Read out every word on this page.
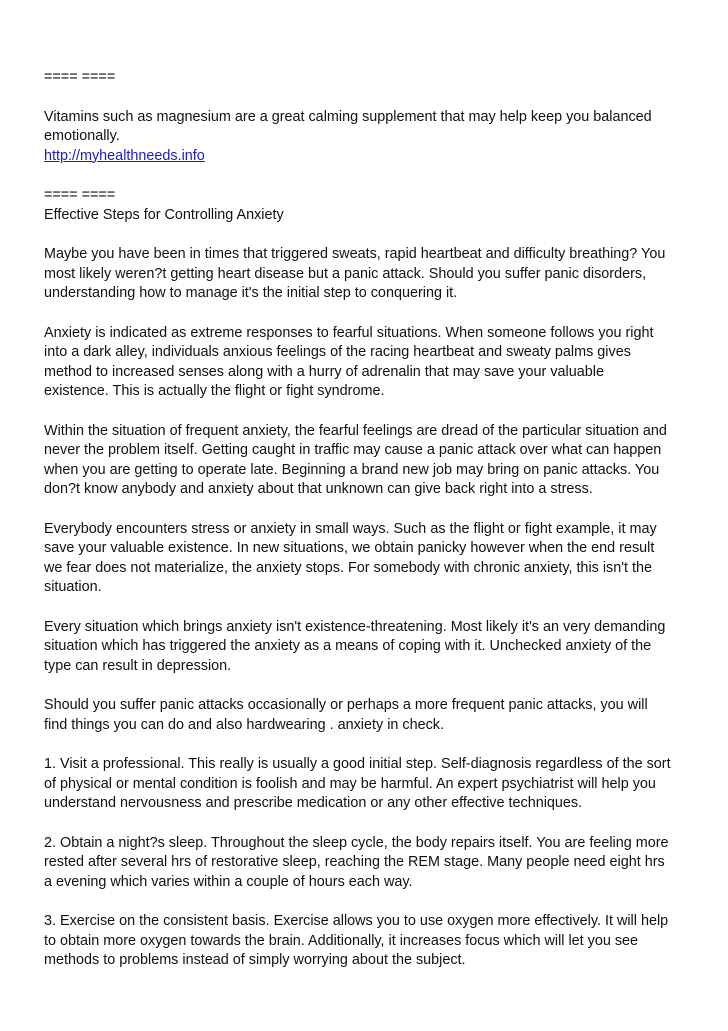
==== ====
Vitamins such as magnesium are a great calming supplement that may help keep you balanced
emotionally.
http://myhealthneeds.info
==== ====
Effective Steps for Controlling Anxiety
Maybe you have been in times that triggered sweats, rapid heartbeat and difficulty breathing? You
most likely weren?t getting heart disease but a panic attack. Should you suffer panic disorders,
understanding how to manage it's the initial step to conquering it.
Anxiety is indicated as extreme responses to fearful situations. When someone follows you right
into a dark alley, individuals anxious feelings of the racing heartbeat and sweaty palms gives
method to increased senses along with a hurry of adrenalin that may save your valuable
existence. This is actually the flight or fight syndrome.
Within the situation of frequent anxiety, the fearful feelings are dread of the particular situation and
never the problem itself. Getting caught in traffic may cause a panic attack over what can happen
when you are getting to operate late. Beginning a brand new job may bring on panic attacks. You
don?t know anybody and anxiety about that unknown can give back right into a stress.
Everybody encounters stress or anxiety in small ways. Such as the flight or fight example, it may
save your valuable existence. In new situations, we obtain panicky however when the end result
we fear does not materialize, the anxiety stops. For somebody with chronic anxiety, this isn't the
situation.
Every situation which brings anxiety isn't existence-threatening. Most likely it's an very demanding
situation which has triggered the anxiety as a means of coping with it. Unchecked anxiety of the
type can result in depression.
Should you suffer panic attacks occasionally or perhaps a more frequent panic attacks, you will
find things you can do and also hardwearing . anxiety in check.
1. Visit a professional. This really is usually a good initial step. Self-diagnosis regardless of the sort
of physical or mental condition is foolish and may be harmful. An expert psychiatrist will help you
understand nervousness and prescribe medication or any other effective techniques.
2. Obtain a night?s sleep. Throughout the sleep cycle, the body repairs itself. You are feeling more
rested after several hrs of restorative sleep, reaching the REM stage. Many people need eight hrs
a evening which varies within a couple of hours each way.
3. Exercise on the consistent basis. Exercise allows you to use oxygen more effectively. It will help
to obtain more oxygen towards the brain. Additionally, it increases focus which will let you see
methods to problems instead of simply worrying about the subject.
